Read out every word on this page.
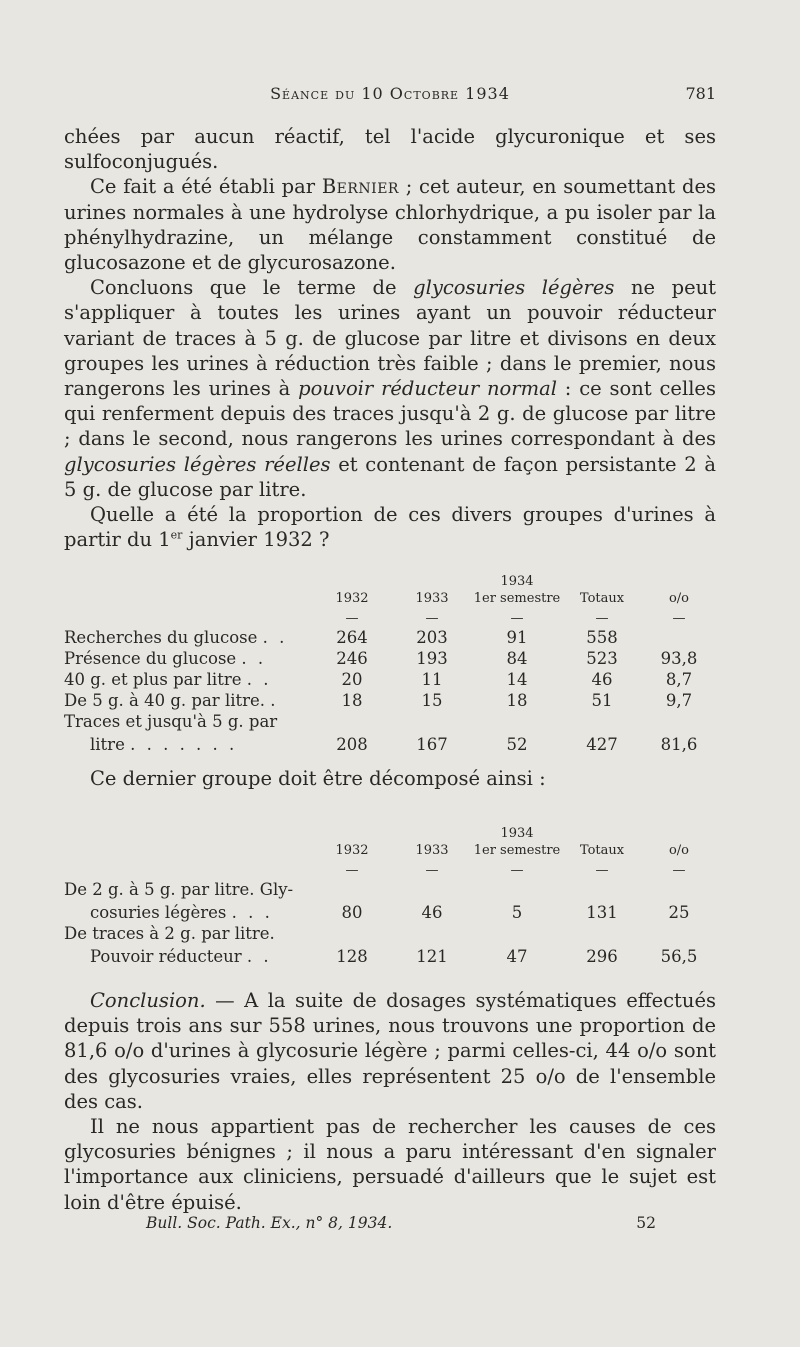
Séance du 10 Octobre 1934	781

chées par aucun réactif, tel l'acide glycuronique et ses sulfoconjugués.

Ce fait a été établi par Bernier ; cet auteur, en soumettant des urines normales à une hydrolyse chlorhydrique, a pu isoler par la phénylhydrazine, un mélange constamment constitué de glucosazone et de glycurosazone.

Concluons que le terme de glycosuries légères ne peut s'appliquer à toutes les urines ayant un pouvoir réducteur variant de traces à 5 g. de glucose par litre et divisons en deux groupes les urines à réduction très faible ; dans le premier, nous rangerons les urines à pouvoir réducteur normal : ce sont celles qui renferment depuis des traces jusqu'à 2 g. de glucose par litre ; dans le second, nous rangerons les urines correspondant à des glycosuries légères réelles et contenant de façon persistante 2 à 5 g. de glucose par litre.

Quelle a été la proportion de ces divers groupes d'urines à partir du 1er janvier 1932 ?

			1934		
	1932	1933	1er semestre	Totaux	o/o
	—	—	—	—	—
Recherches du glucose . .	264	203	91	558	
Présence du glucose . .	246	193	84	523	93,8
40 g. et plus par litre . .	20	11	14	46	8,7
De 5 g. à 40 g. par litre. .	18	15	18	51	9,7
Traces et jusqu'à 5 g. par					
litre . . . . . . .	208	167	52	427	81,6
Ce dernier groupe doit être décomposé ainsi :
			1934		
	1932	1933	1er semestre	Totaux	o/o
	—	—	—	—	—
De 2 g. à 5 g. par litre. Gly-					
cosuries légères . . .	80	46	5	131	25
De traces à 2 g. par litre.					
Pouvoir réducteur . .	128	121	47	296	56,5

Conclusion. — A la suite de dosages systématiques effectués depuis trois ans sur 558 urines, nous trouvons une proportion de 81,6 o/o d'urines à glycosurie légère ; parmi celles-ci, 44 o/o sont des glycosuries vraies, elles représentent 25 o/o de l'ensemble des cas.

Il ne nous appartient pas de rechercher les causes de ces glycosuries bénignes ; il nous a paru intéressant d'en signaler l'importance aux cliniciens, persuadé d'ailleurs que le sujet est loin d'être épuisé.

Bull. Soc. Path. Ex., n° 8, 1934.	52
